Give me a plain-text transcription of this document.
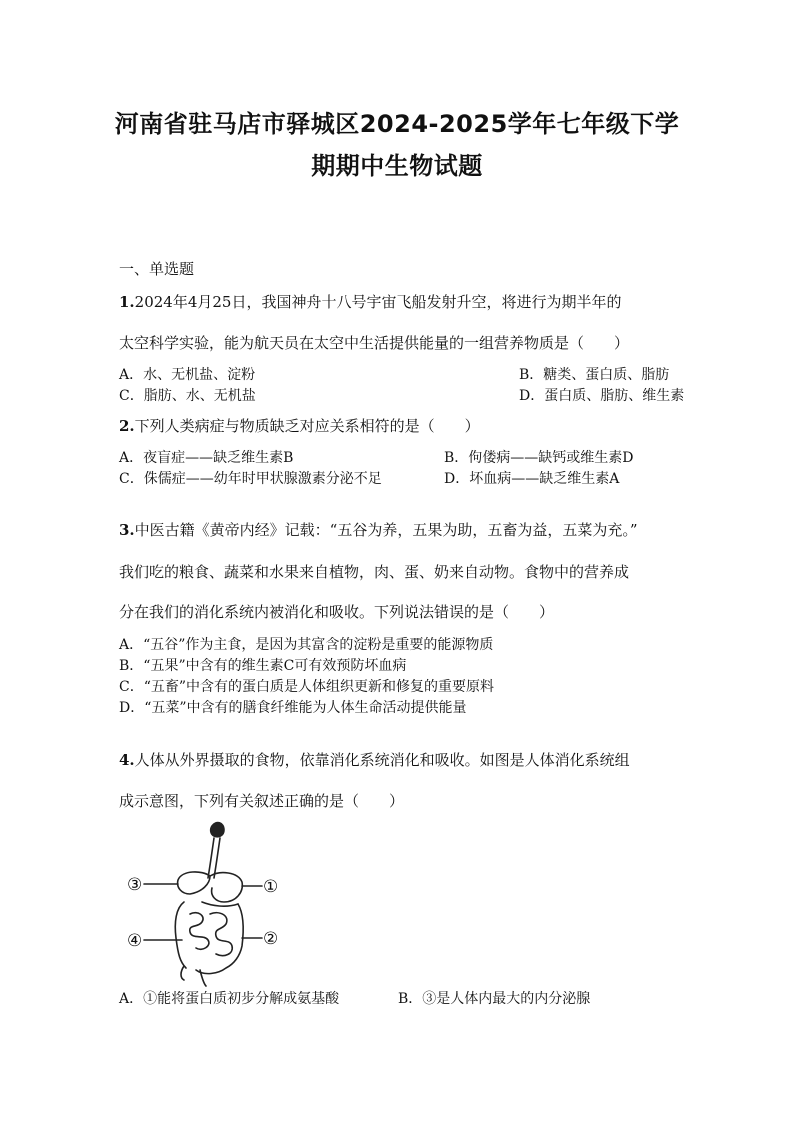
河南省驻马店市驿城区2024-2025学年七年级下学
期期中生物试题
一、单选题
1.2024年4月25日，我国神舟十八号宇宙飞船发射升空，将进行为期半年的
太空科学实验，能为航天员在太空中生活提供能量的一组营养物质是（　　）
A．水、无机盐、淀粉	B．糖类、蛋白质、脂肪
C．脂肪、水、无机盐	D．蛋白质、脂肪、维生素
2.下列人类病症与物质缺乏对应关系相符的是（　　）
A．夜盲症——缺乏维生素B	B．佝偻病——缺钙或维生素D
C．侏儒症——幼年时甲状腺激素分泌不足	D．坏血病——缺乏维生素A
3.中医古籍《黄帝内经》记载：“五谷为养，五果为助，五畜为益，五菜为充。”
我们吃的粮食、蔬菜和水果来自植物，肉、蛋、奶来自动物。食物中的营养成
分在我们的消化系统内被消化和吸收。下列说法错误的是（　　）
A．“五谷”作为主食，是因为其富含的淀粉是重要的能源物质
B．“五果”中含有的维生素C可有效预防坏血病
C．“五畜”中含有的蛋白质是人体组织更新和修复的重要原料
D．“五菜”中含有的膳食纤维能为人体生命活动提供能量
4.人体从外界摄取的食物，依靠消化系统消化和吸收。如图是人体消化系统组
成示意图，下列有关叙述正确的是（　　）
③	①
④	②
A．①能将蛋白质初步分解成氨基酸	B．③是人体内最大的内分泌腺
